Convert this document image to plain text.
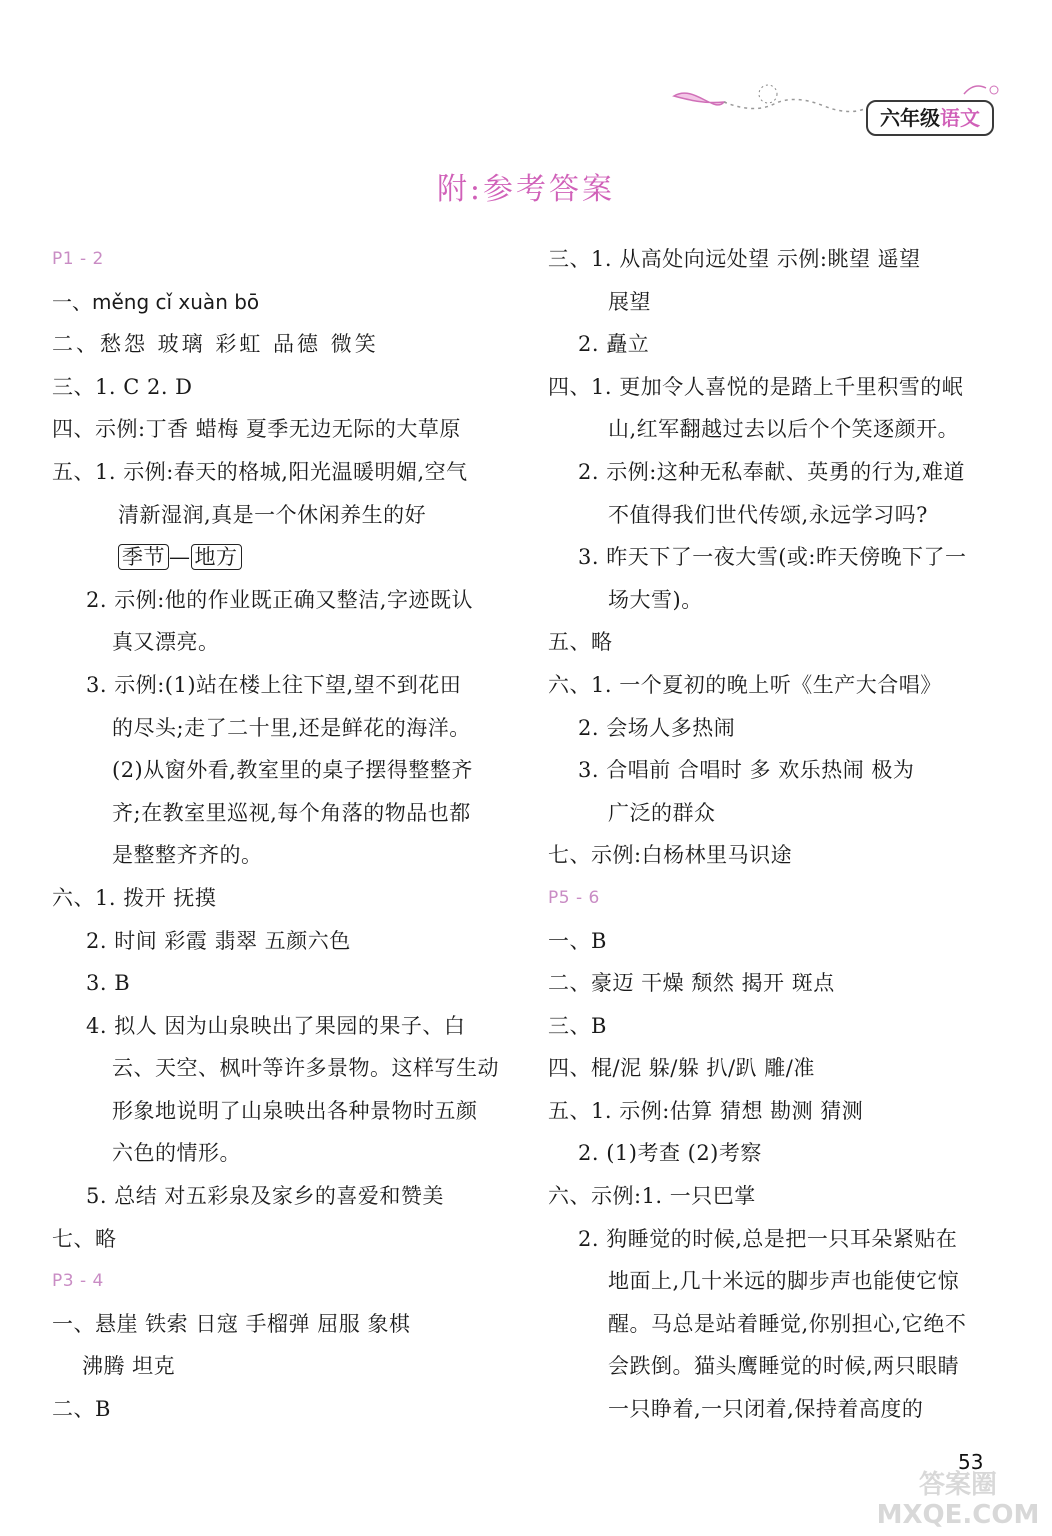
六年级语文
附:参考答案
P1 - 2
一、měng cǐ xuàn bō
二、愁怨 玻璃 彩虹 品德 微笑
三、1. C 2. D
四、示例:丁香 蜡梅 夏季无边无际的大草原
五、1. 示例:春天的格城,阳光温暖明媚,空气
清新湿润,真是一个休闲养生的好
季节 — 地方
2. 示例:他的作业既正确又整洁,字迹既认
真又漂亮。
3. 示例:(1)站在楼上往下望,望不到花田
的尽头;走了二十里,还是鲜花的海洋。
(2)从窗外看,教室里的桌子摆得整整齐
齐;在教室里巡视,每个角落的物品也都
是整整齐齐的。
六、1. 拨开 抚摸
2. 时间 彩霞 翡翠 五颜六色
3. B
4. 拟人 因为山泉映出了果园的果子、白
云、天空、枫叶等许多景物。这样写生动
形象地说明了山泉映出各种景物时五颜
六色的情形。
5. 总结 对五彩泉及家乡的喜爱和赞美
七、略
P3 - 4
一、悬崖 铁索 日寇 手榴弹 屈服 象棋
沸腾 坦克
二、B
三、1. 从高处向远处望 示例:眺望 遥望
展望
2. 矗立
四、1. 更加令人喜悦的是踏上千里积雪的岷
山,红军翻越过去以后个个笑逐颜开。
2. 示例:这种无私奉献、英勇的行为,难道
不值得我们世代传颂,永远学习吗?
3. 昨天下了一夜大雪(或:昨天傍晚下了一
场大雪)。
五、略
六、1. 一个夏初的晚上听《生产大合唱》
2. 会场人多热闹
3. 合唱前 合唱时 多 欢乐热闹 极为
广泛的群众
七、示例:白杨林里马识途
P5 - 6
一、B
二、豪迈 干燥 颓然 揭开 斑点
三、B
四、棍/泥 躲/躲 扒/趴 雕/准
五、1. 示例:估算 猜想 勘测 猜测
2. (1)考查 (2)考察
六、示例:1. 一只巴掌
2. 狗睡觉的时候,总是把一只耳朵紧贴在
地面上,几十米远的脚步声也能使它惊
醒。马总是站着睡觉,你别担心,它绝不
会跌倒。猫头鹰睡觉的时候,两只眼睛
一只睁着,一只闭着,保持着高度的
答案圈 MXQE.COM
53
